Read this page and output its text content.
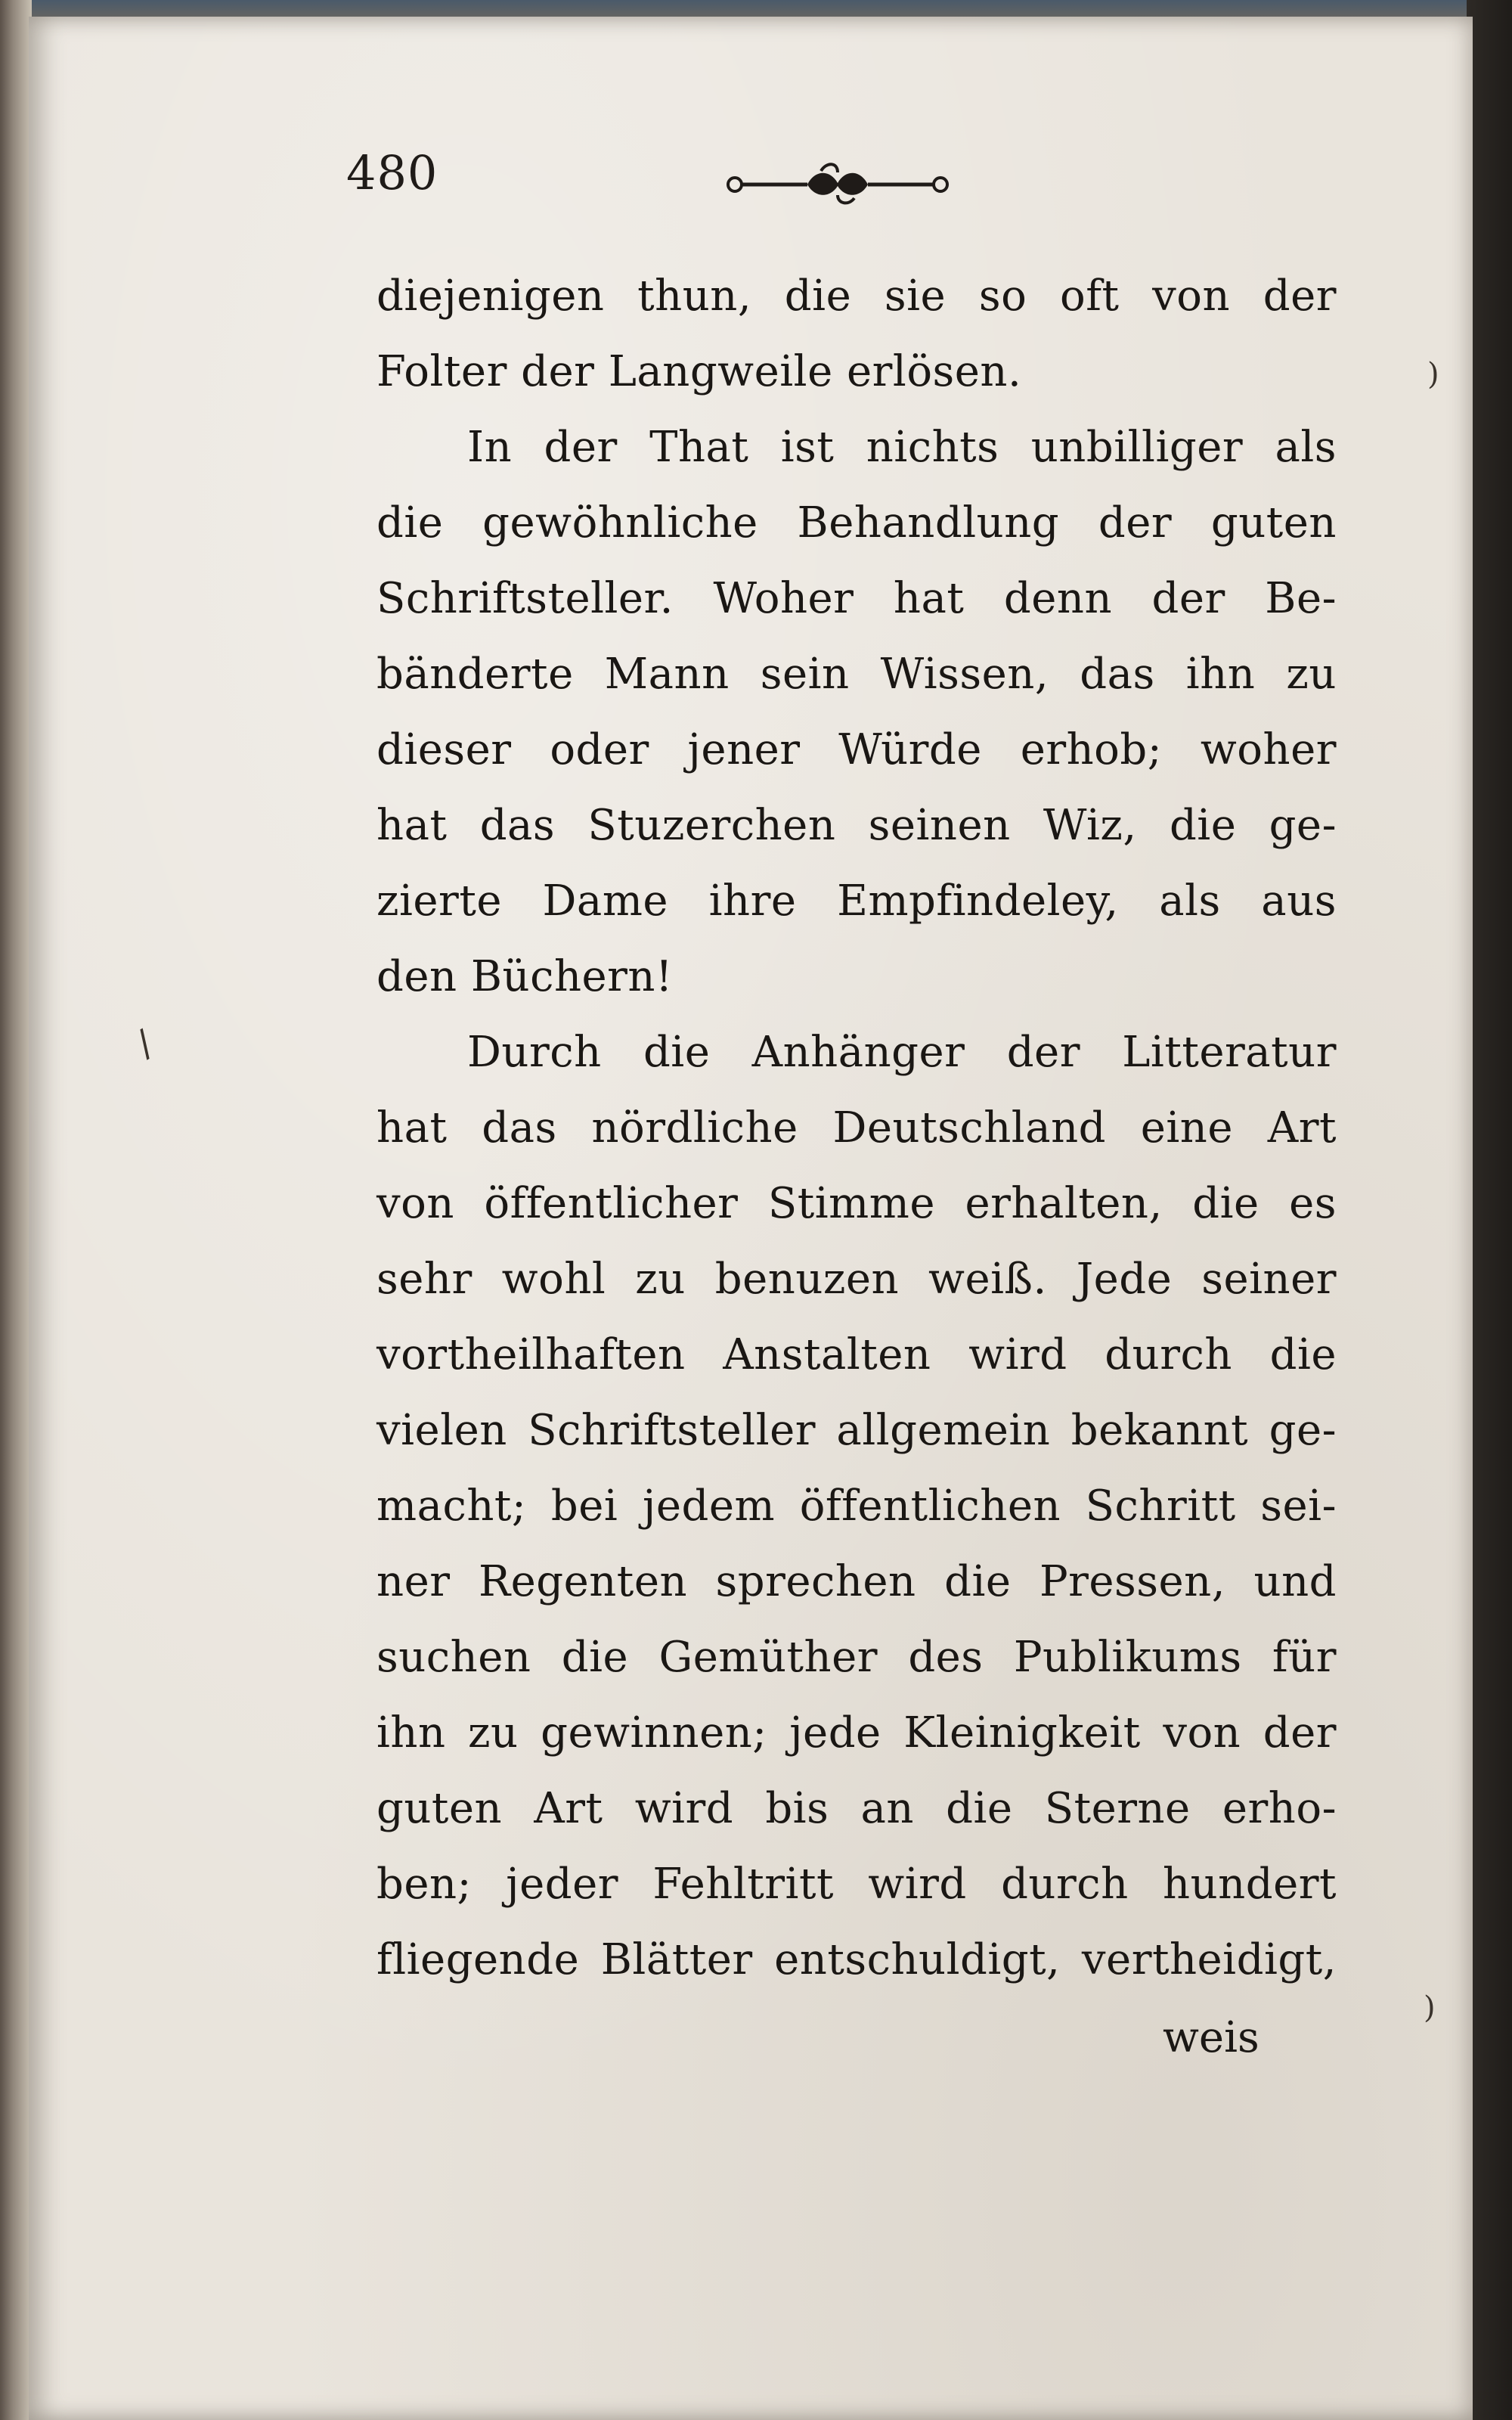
480
diejenigen thun, die sie so oft von der
Folter der Langweile erlösen.
In der That ist nichts unbilliger als
die gewöhnliche Behandlung der guten
Schriftsteller. Woher hat denn der Be-
bänderte Mann sein Wissen, das ihn zu
dieser oder jener Würde erhob; woher
hat das Stuzerchen seinen Wiz, die ge-
zierte Dame ihre Empfindeley, als aus
den Büchern!
Durch die Anhänger der Litteratur
hat das nördliche Deutschland eine Art
von öffentlicher Stimme erhalten, die es
sehr wohl zu benuzen weiß. Jede seiner
vortheilhaften Anstalten wird durch die
vielen Schriftsteller allgemein bekannt ge-
macht; bei jedem öffentlichen Schritt sei-
ner Regenten sprechen die Pressen, und
suchen die Gemüther des Publikums für
ihn zu gewinnen; jede Kleinigkeit von der
guten Art wird bis an die Sterne erho-
ben; jeder Fehltritt wird durch hundert
fliegende Blätter entschuldigt, vertheidigt,
weis
)
/
)
